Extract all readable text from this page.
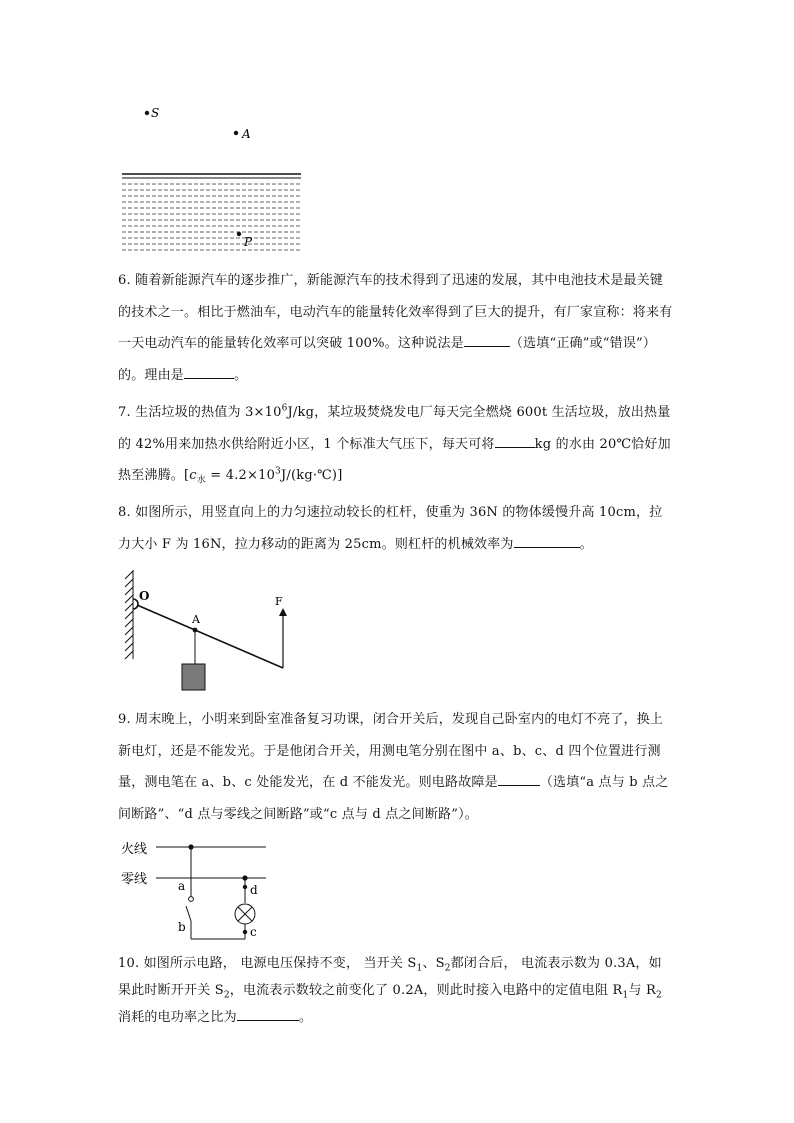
S
A
P

6. 随着新能源汽车的逐步推广，新能源汽车的技术得到了迅速的发展，其中电池技术是最关键的技术之一。相比于燃油车，电动汽车的能量转化效率得到了巨大的提升，有厂家宣称：将来有一天电动汽车的能量转化效率可以突破 100%。这种说法是	（选填“正确”或“错误”）的。理由是	。

7. 生活垃圾的热值为 $3\times 10^6J/kg$，某垃圾焚烧发电厂每天完全燃烧 600t 生活垃圾，放出热量的 42%用来加热水供给附近小区，1 个标准大气压下，每天可将	kg 的水由 20℃恰好加热至沸腾。[$c_水$ = $4.2\times 10^3J/(kg\cdot℃)$]

8. 如图所示，用竖直向上的力匀速拉动较长的杠杆，使重为 36N 的物体缓慢升高 10cm，拉力大小 F 为 16N，拉力移动的距离为 25cm。则杠杆的机械效率为	。

O
A
F

9. 周末晚上，小明来到卧室准备复习功课，闭合开关后，发现自己卧室内的电灯不亮了，换上新电灯，还是不能发光。于是他闭合开关，用测电笔分别在图中 a、b、c、d 四个位置进行测量，测电笔在 a、b、c 处能发光，在 d 不能发光。则电路故障是	（选填“a 点与 b 点之间断路”、“d 点与零线之间断路”或“c 点与 d 点之间断路”）。

火线
零线	a
b
d
c

10. 如图所示电路， 电源电压保持不变， 当开关 $S_1$、$S_2$都闭合后， 电流表示数为 0.3A，如果此时断开开关 $S_2$，电流表示数较之前变化了 0.2A，则此时接入电路中的定值电阻 $R_1$与 $R_2$消耗的电功率之比为	。
